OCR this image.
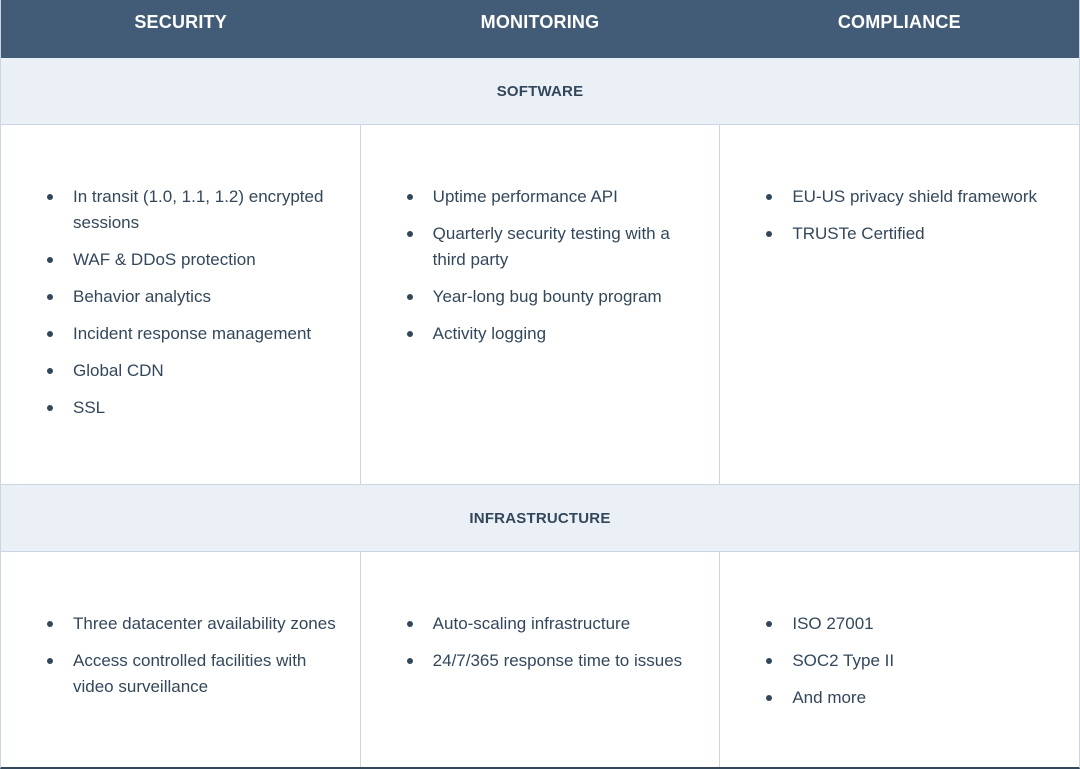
SECURITY	MONITORING	COMPLIANCE
SOFTWARE
In transit (1.0, 1.1, 1.2) encrypted sessions
WAF & DDoS protection
Behavior analytics
Incident response management
Global CDN
SSL
Uptime performance API
Quarterly security testing with a third party
Year-long bug bounty program
Activity logging
EU-US privacy shield framework
TRUSTe Certified
INFRASTRUCTURE
Three datacenter availability zones
Access controlled facilities with video surveillance
Auto-scaling infrastructure
24/7/365 response time to issues
ISO 27001
SOC2 Type II
And more
